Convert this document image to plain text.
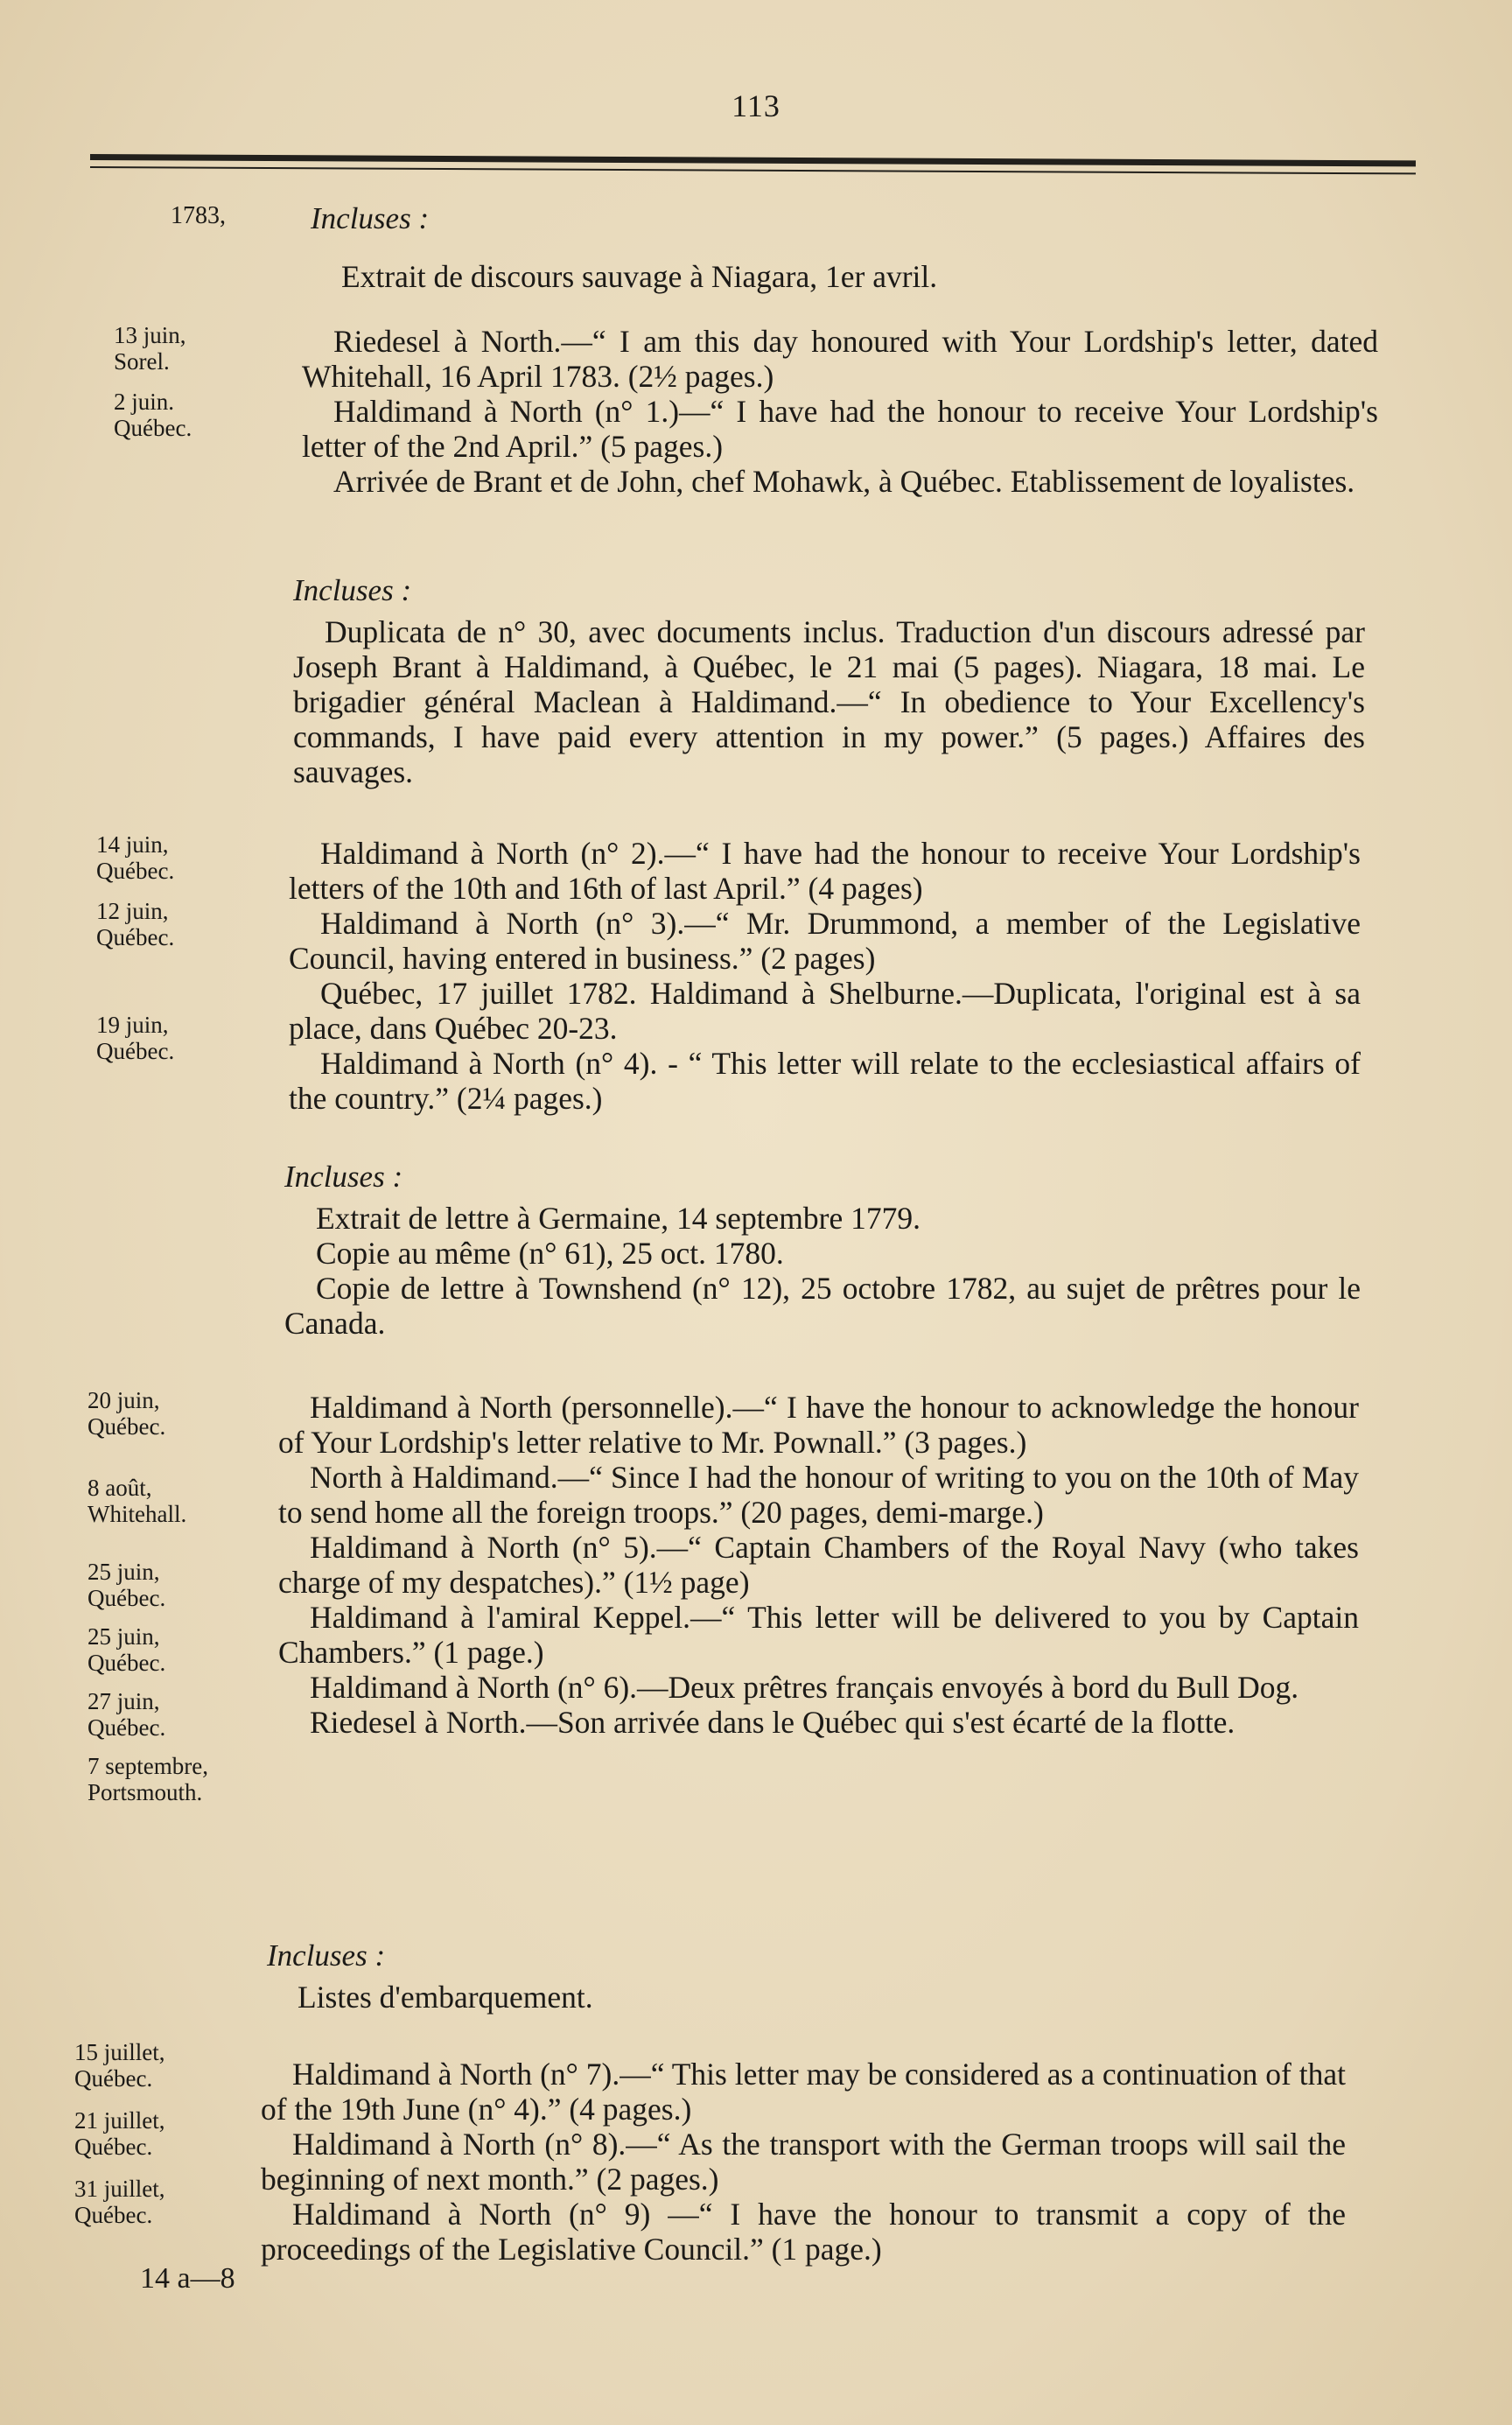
113
1783,	Incluses :
Extrait de discours sauvage à Niagara, 1er avril.
13 juin,
Sorel.
2 juin.
Québec.
Riedesel à North.—“ I am this day honoured with Your Lordship's letter, dated Whitehall, 16 April 1783. (2½ pages.)
Haldimand à North (n° 1.)—“ I have had the honour to receive Your Lordship's letter of the 2nd April.” (5 pages.)
Arrivée de Brant et de John, chef Mohawk, à Québec. Etablissement de loyalistes.
Incluses :
Duplicata de n° 30, avec documents inclus. Traduction d'un discours adressé par Joseph Brant à Haldimand, à Québec, le 21 mai (5 pages). Niagara, 18 mai. Le brigadier général Maclean à Haldimand.—“ In obedience to Your Excellency's commands, I have paid every attention in my power.” (5 pages.) Affaires des sauvages.
14 juin,
Québec.
12 juin,
Québec.
19 juin,
Québec.
Haldimand à North (n° 2).—“ I have had the honour to receive Your Lordship's letters of the 10th and 16th of last April.” (4 pages)
Haldimand à North (n° 3).—“ Mr. Drummond, a member of the Legislative Council, having entered in business.” (2 pages)
Québec, 17 juillet 1782. Haldimand à Shelburne.—Duplicata, l'original est à sa place, dans Québec 20-23.
Haldimand à North (n° 4). - “ This letter will relate to the ecclesiastical affairs of the country.” (2¼ pages.)
Incluses :
Extrait de lettre à Germaine, 14 septembre 1779.
Copie au même (n° 61), 25 oct. 1780.
Copie de lettre à Townshend (n° 12), 25 octobre 1782, au sujet de prêtres pour le Canada.
20 juin,
Québec.
8 août,
Whitehall.
25 juin,
Québec.
25 juin,
Québec.
27 juin,
Québec.
7 septembre,
Portsmouth.
Haldimand à North (personnelle).—“ I have the honour to acknowledge the honour of Your Lordship's letter relative to Mr. Pownall.” (3 pages.)
North à Haldimand.—“ Since I had the honour of writing to you on the 10th of May to send home all the foreign troops.” (20 pages, demi-marge.)
Haldimand à North (n° 5).—“ Captain Chambers of the Royal Navy (who takes charge of my despatches).” (1½ page)
Haldimand à l'amiral Keppel.—“ This letter will be delivered to you by Captain Chambers.” (1 page.)
Haldimand à North (n° 6).—Deux prêtres français envoyés à bord du Bull Dog.
Riedesel à North.—Son arrivée dans le Québec qui s'est écarté de la flotte.
Incluses :
Listes d'embarquement.
15 juillet,
Québec.
21 juillet,
Québec.
31 juillet,
Québec.
Haldimand à North (n° 7).—“ This letter may be considered as a continuation of that of the 19th June (n° 4).” (4 pages.)
Haldimand à North (n° 8).—“ As the transport with the German troops will sail the beginning of next month.” (2 pages.)
Haldimand à North (n° 9) —“ I have the honour to transmit a copy of the proceedings of the Legislative Council.” (1 page.)
14 a—8
